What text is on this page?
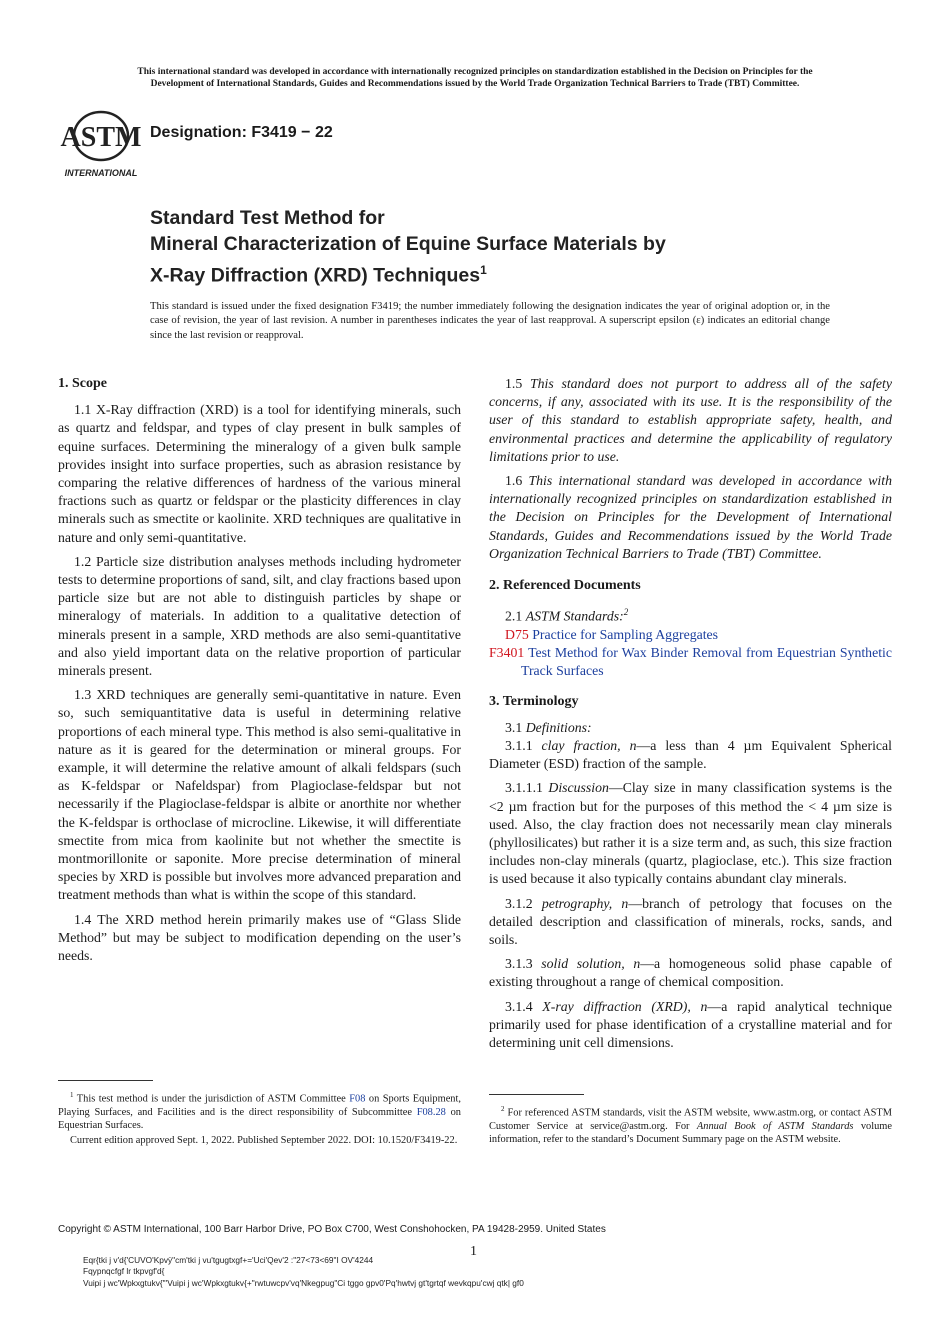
This international standard was developed in accordance with internationally recognized principles on standardization established in the Decision on Principles for the
Development of International Standards, Guides and Recommendations issued by the World Trade Organization Technical Barriers to Trade (TBT) Committee.
ASTM
INTERNATIONAL
Designation: F3419 − 22
Standard Test Method for
Mineral Characterization of Equine Surface Materials by
X-Ray Diffraction (XRD) Techniques$^1$
This standard is issued under the fixed designation F3419; the number immediately following the designation indicates the year of original adoption or, in the case of revision, the year of last revision. A number in parentheses indicates the year of last reapproval. A superscript epsilon (ε) indicates an editorial change since the last revision or reapproval.
1. Scope

1.1 X-Ray diffraction (XRD) is a tool for identifying minerals, such as quartz and feldspar, and types of clay present in bulk samples of equine surfaces. Determining the mineralogy of a given bulk sample provides insight into surface properties, such as abrasion resistance by comparing the relative differences of hardness of the various mineral fractions such as quartz or feldspar or the plasticity differences in clay minerals such as smectite or kaolinite. XRD techniques are qualitative in nature and only semi-quantitative.

1.2 Particle size distribution analyses methods including hydrometer tests to determine proportions of sand, silt, and clay fractions based upon particle size but are not able to distinguish particles by shape or mineralogy of materials. In addition to a qualitative detection of minerals present in a sample, XRD methods are also semi-quantitative and also yield important data on the relative proportion of particular minerals present.

1.3 XRD techniques are generally semi-quantitative in nature. Even so, such semiquantitative data is useful in determining relative proportions of each mineral type. This method is also semi-qualitative in nature as it is geared for the determination or mineral groups. For example, it will determine the relative amount of alkali feldspars (such as K-feldspar or Nafeldspar) from Plagioclase-feldspar but not necessarily if the Plagioclase-feldspar is albite or anorthite nor whether the K-feldspar is orthoclase of microcline. Likewise, it will differentiate smectite from mica from kaolinite but not whether the smectite is montmorillonite or saponite. More precise determination of mineral species by XRD is possible but involves more advanced preparation and treatment methods than what is within the scope of this standard.

1.4 The XRD method herein primarily makes use of “Glass Slide Method” but may be subject to modification depending on the user’s needs.

$^1$ This test method is under the jurisdiction of ASTM Committee F08 on Sports Equipment, Playing Surfaces, and Facilities and is the direct responsibility of Subcommittee F08.28 on Equestrian Surfaces.

Current edition approved Sept. 1, 2022. Published September 2022. DOI: 10.1520/F3419-22.

1.5 This standard does not purport to address all of the safety concerns, if any, associated with its use. It is the responsibility of the user of this standard to establish appropriate safety, health, and environmental practices and determine the applicability of regulatory limitations prior to use.

1.6 This international standard was developed in accordance with internationally recognized principles on standardization established in the Decision on Principles for the Development of International Standards, Guides and Recommendations issued by the World Trade Organization Technical Barriers to Trade (TBT) Committee.

2. Referenced Documents

2.1 ASTM Standards:$^2$

D75 Practice for Sampling Aggregates

F3401 Test Method for Wax Binder Removal from Equestrian Synthetic Track Surfaces

3. Terminology

3.1 Definitions:

3.1.1 clay fraction, n—a less than 4 µm Equivalent Spherical Diameter (ESD) fraction of the sample.

3.1.1.1 Discussion—Clay size in many classification systems is the <2 µm fraction but for the purposes of this method the < 4 µm size is used. Also, the clay fraction does not necessarily mean clay minerals (phyllosilicates) but rather it is a size term and, as such, this size fraction includes non-clay minerals (quartz, plagioclase, etc.). This size fraction is used because it also typically contains abundant clay minerals.

3.1.2 petrography, n—branch of petrology that focuses on the detailed description and classification of minerals, rocks, sands, and soils.

3.1.3 solid solution, n—a homogeneous solid phase capable of existing throughout a range of chemical composition.

3.1.4 X-ray diffraction (XRD), n—a rapid analytical technique primarily used for phase identification of a crystalline material and for determining unit cell dimensions.

$^2$ For referenced ASTM standards, visit the ASTM website, www.astm.org, or contact ASTM Customer Service at service@astm.org. For Annual Book of ASTM Standards volume information, refer to the standard’s Document Summary page on the ASTM website.

Copyright © ASTM International, 100 Barr Harbor Drive, PO Box C700, West Conshohocken, PA 19428-2959. United States
1
Eqr{tki j v'd{'CUVO'Kpvÿ"cm'tki j vu'tgugtxgf+='Uci'Qev'2 :"27<73<69"I OV'4244
Fqypnqcfgf lr tkpvgf'd{
Vuipi j wc'Wpkxgtukv{"'Vuipi j wc'Wpkxgtukv{+"rwtuwcpv'vq'Nkegpug"Ci tggo gpv0'Pq'hwtvj gt'tgrtqf wevkqpu'cwj qtk| gf0
